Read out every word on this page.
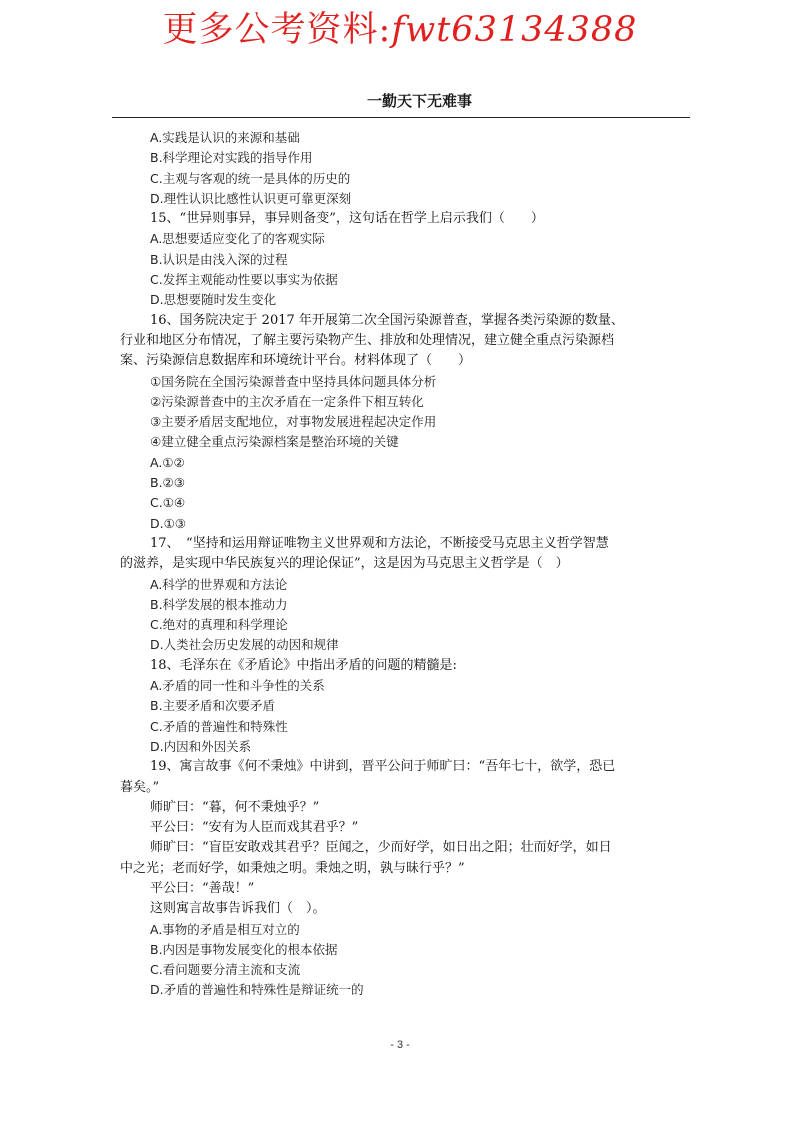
更多公考资料:fwt63134388
一勤天下无难事
A.实践是认识的来源和基础
B.科学理论对实践的指导作用
C.主观与客观的统一是具体的历史的
D.理性认识比感性认识更可靠更深刻
15、“世异则事异，事异则备变”，这句话在哲学上启示我们（　　）
A.思想要适应变化了的客观实际
B.认识是由浅入深的过程
C.发挥主观能动性要以事实为依据
D.思想要随时发生变化
16、国务院决定于 2017 年开展第二次全国污染源普查，掌握各类污染源的数量、
行业和地区分布情况，了解主要污染物产生、排放和处理情况，建立健全重点污染源档
案、污染源信息数据库和环境统计平台。材料体现了（　　）
①国务院在全国污染源普查中坚持具体问题具体分析
②污染源普查中的主次矛盾在一定条件下相互转化
③主要矛盾居支配地位，对事物发展进程起决定作用
④建立健全重点污染源档案是整治环境的关键
A.①②
B.②③
C.①④
D.①③
17、　“坚持和运用辩证唯物主义世界观和方法论，不断接受马克思主义哲学智慧
的滋养，是实现中华民族复兴的理论保证”，这是因为马克思主义哲学是（　）
A.科学的世界观和方法论
B.科学发展的根本推动力
C.绝对的真理和科学理论
D.人类社会历史发展的动因和规律
18、毛泽东在《矛盾论》中指出矛盾的问题的精髓是:
A.矛盾的同一性和斗争性的关系
B.主要矛盾和次要矛盾
C.矛盾的普遍性和特殊性
D.内因和外因关系
19、寓言故事《何不秉烛》中讲到，晋平公问于师旷曰：“吾年七十，欲学，恐已
暮矣。”
师旷曰：“暮，何不秉烛乎？”
平公曰：“安有为人臣而戏其君乎？”
师旷曰：“盲臣安敢戏其君乎？臣闻之，少而好学，如日出之阳；壮而好学，如日
中之光；老而好学，如秉烛之明。秉烛之明，孰与昧行乎？”
平公曰：“善哉！”
这则寓言故事告诉我们（　）。
A.事物的矛盾是相互对立的
B.内因是事物发展变化的根本依据
C.看问题要分清主流和支流
D.矛盾的普遍性和特殊性是辩证统一的
- 3 -
